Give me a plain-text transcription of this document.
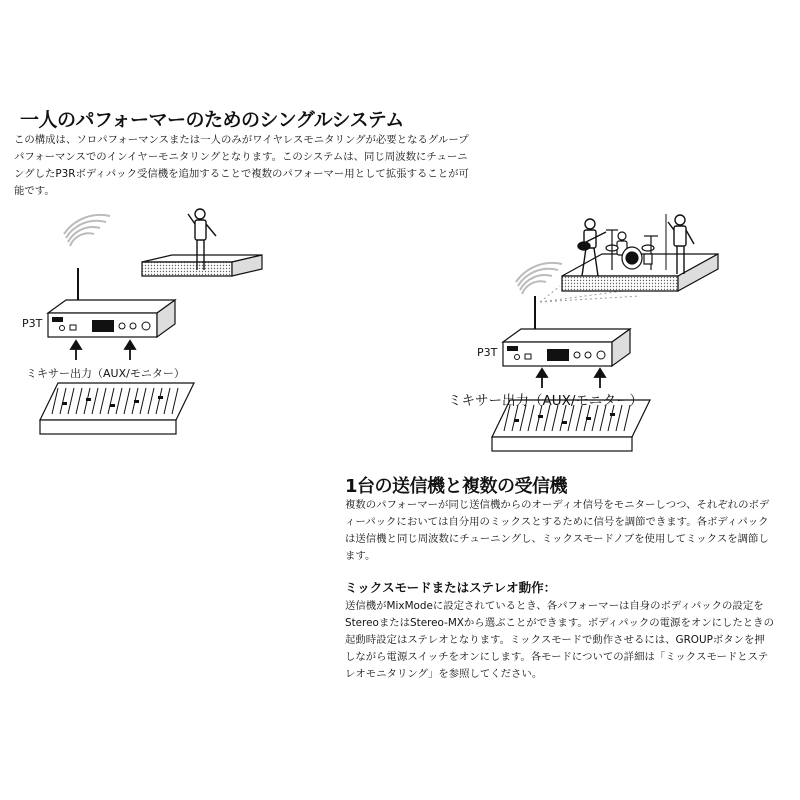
一人のパフォーマーのためのシングルシステム
この構成は、ソロパフォーマンスまたは一人のみがワイヤレスモニタリングが必要となるグループパフォーマンスでのインイヤーモニタリングとなります。このシステムは、同じ周波数にチューニングしたP3Rボディパック受信機を追加することで複数のパフォーマー用として拡張することが可能です。
P3T
ミキサー出力（AUX/モニター）
P3T
ミキサー出力（AUX/モニター）
1台の送信機と複数の受信機
複数のパフォーマーが同じ送信機からのオーディオ信号をモニターしつつ、それぞれのボディーパックにおいては自分用のミックスとするために信号を調節できます。各ボディパックは送信機と同じ周波数にチューニングし、ミックスモードノブを使用してミックスを調節します。
ミックスモードまたはステレオ動作：
送信機がMixModeに設定されているとき、各パフォーマーは自身のボディパックの設定をStereoまたはStereo-MXから選ぶことができます。ボディパックの電源をオンにしたときの起動時設定はステレオとなります。ミックスモードで動作させるには、GROUPボタンを押しながら電源スイッチをオンにします。各モードについての詳細は「ミックスモードとステレオモニタリング」を参照してください。
